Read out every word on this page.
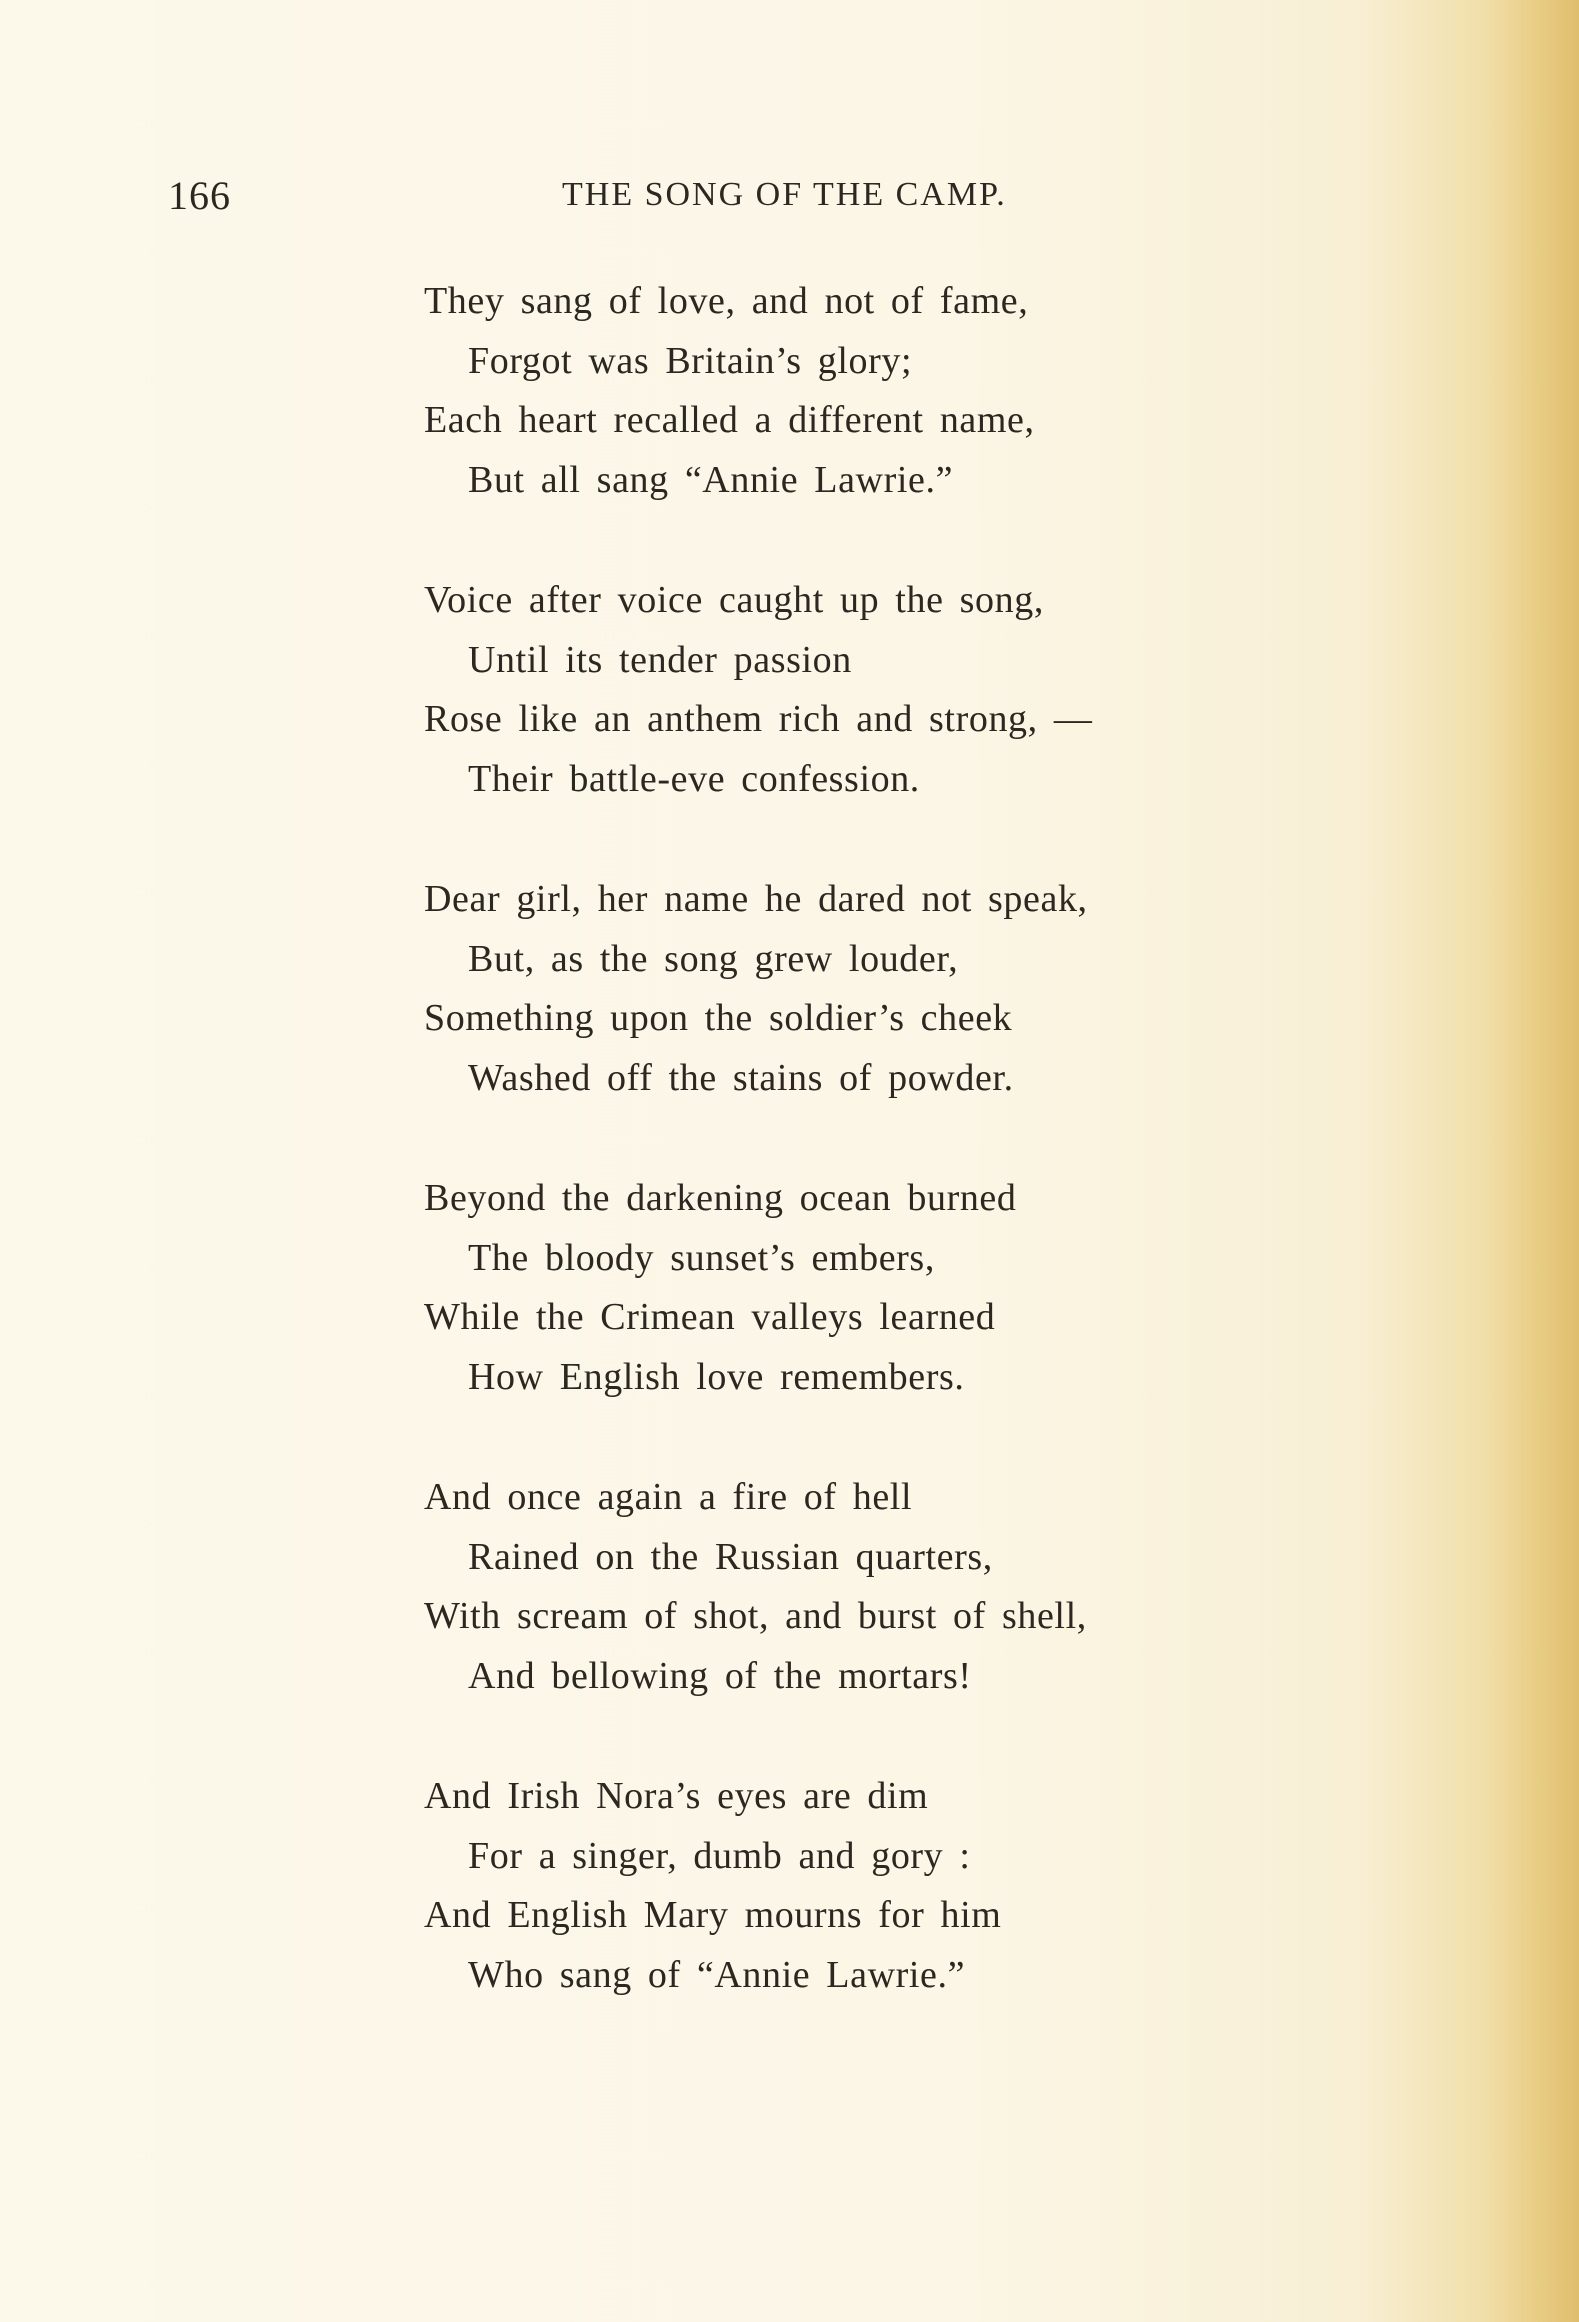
166	THE SONG OF THE CAMP.
They sang of love, and not of fame,
Forgot was Britain’s glory;
Each heart recalled a different name,
But all sang “Annie Lawrie.”
Voice after voice caught up the song,
Until its tender passion
Rose like an anthem rich and strong, —
Their battle-eve confession.
Dear girl, her name he dared not speak,
But, as the song grew louder,
Something upon the soldier’s cheek
Washed off the stains of powder.
Beyond the darkening ocean burned
The bloody sunset’s embers,
While the Crimean valleys learned
How English love remembers.
And once again a fire of hell
Rained on the Russian quarters,
With scream of shot, and burst of shell,
And bellowing of the mortars!
And Irish Nora’s eyes are dim
For a singer, dumb and gory :
And English Mary mourns for him
Who sang of “Annie Lawrie.”
